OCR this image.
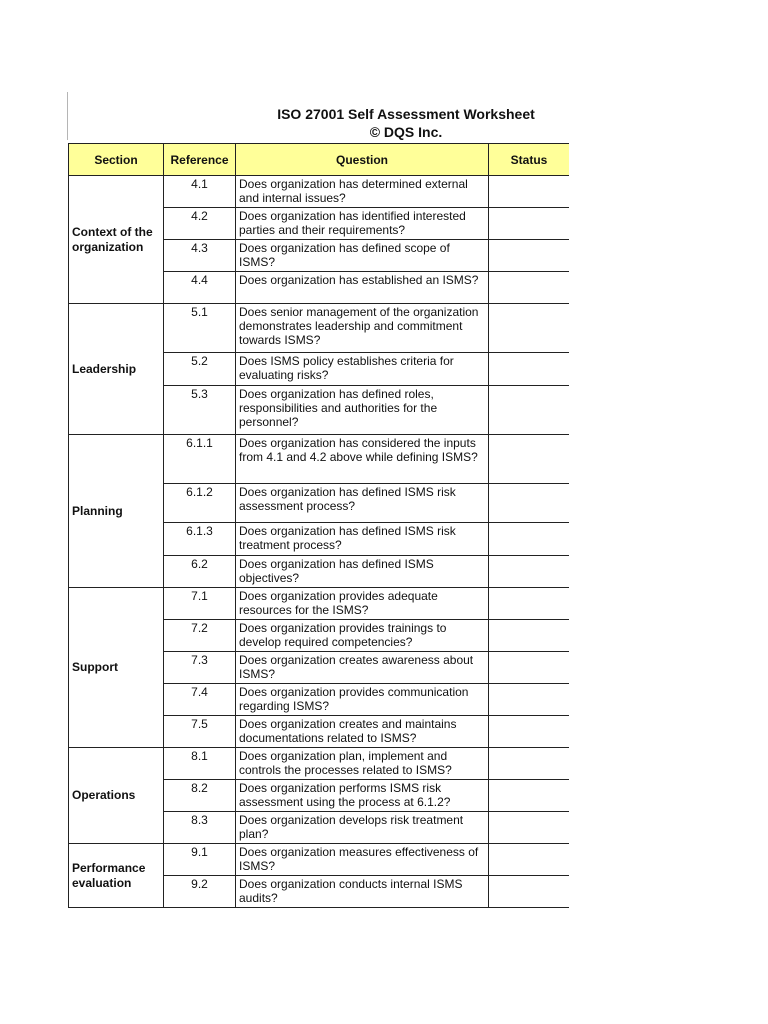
ISO 27001 Self Assessment Worksheet
© DQS Inc.
Section	Reference	Question	Status
Context of the organization	4.1	Does organization has determined external and internal issues?	
	4.2	Does organization has identified interested parties and their requirements?	
	4.3	Does organization has defined scope of ISMS?	
	4.4	Does organization has established an ISMS?	
Leadership	5.1	Does senior management of the organization demonstrates leadership and commitment towards ISMS?	
	5.2	Does ISMS policy establishes criteria for evaluating risks?	
	5.3	Does organization has defined roles, responsibilities and authorities for the personnel?	
Planning	6.1.1	Does organization has considered the inputs from 4.1 and 4.2 above while defining ISMS?	
	6.1.2	Does organization has defined ISMS risk assessment process?	
	6.1.3	Does organization has defined ISMS risk treatment process?	
	6.2	Does organization has defined ISMS objectives?	
Support	7.1	Does organization provides adequate resources for the ISMS?	
	7.2	Does organization provides trainings to develop required competencies?	
	7.3	Does organization creates awareness about ISMS?	
	7.4	Does organization provides communication regarding ISMS?	
	7.5	Does organization creates and maintains documentations related to ISMS?	
Operations	8.1	Does organization plan, implement and controls the processes related to ISMS?	
	8.2	Does organization performs ISMS risk assessment using the process at 6.1.2?	
	8.3	Does organization develops risk treatment plan?	
Performance evaluation	9.1	Does organization measures effectiveness of ISMS?	
	9.2	Does organization conducts internal ISMS audits?	
